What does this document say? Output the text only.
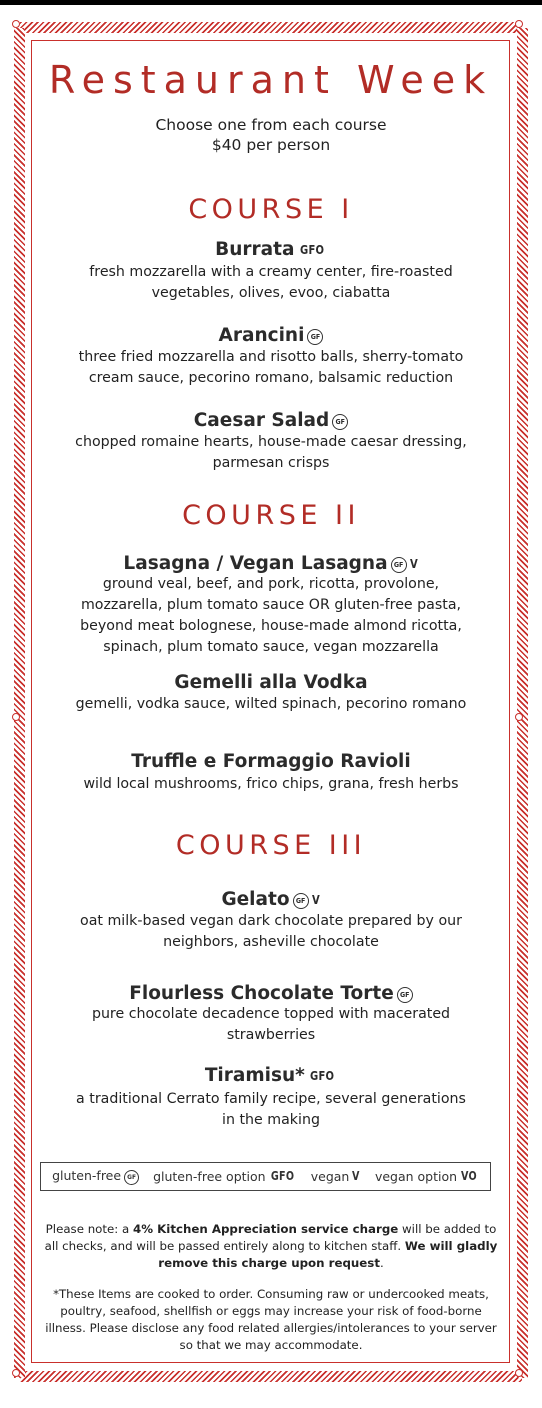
Restaurant Week
Choose one from each course
$40 per person
COURSE I
Burrata GFO
fresh mozzarella with a creamy center, fire-roasted
vegetables, olives, evoo, ciabatta
Arancini GF
three fried mozzarella and risotto balls, sherry-tomato
cream sauce, pecorino romano, balsamic reduction
Caesar Salad GF
chopped romaine hearts, house-made caesar dressing,
parmesan crisps
COURSE II
Lasagna / Vegan Lasagna GF V
ground veal, beef, and pork, ricotta, provolone,
mozzarella, plum tomato sauce OR gluten-free pasta,
beyond meat bolognese, house-made almond ricotta,
spinach, plum tomato sauce, vegan mozzarella
Gemelli alla Vodka
gemelli, vodka sauce, wilted spinach, pecorino romano
Truffle e Formaggio Ravioli
wild local mushrooms, frico chips, grana, fresh herbs
COURSE III
Gelato GF V
oat milk-based vegan dark chocolate prepared by our
neighbors, asheville chocolate
Flourless Chocolate Torte GF
pure chocolate decadence topped with macerated
strawberries
Tiramisu* GFO
a traditional Cerrato family recipe, several generations
in the making
gluten-free GF gluten-free option GFO vegan V vegan option VO
Please note: a 4% Kitchen Appreciation service charge will be added to all checks, and will be passed entirely along to kitchen staff. We will gladly remove this charge upon request.
*These Items are cooked to order. Consuming raw or undercooked meats, poultry, seafood, shellfish or eggs may increase your risk of food-borne illness. Please disclose any food related allergies/intolerances to your server so that we may accommodate.
